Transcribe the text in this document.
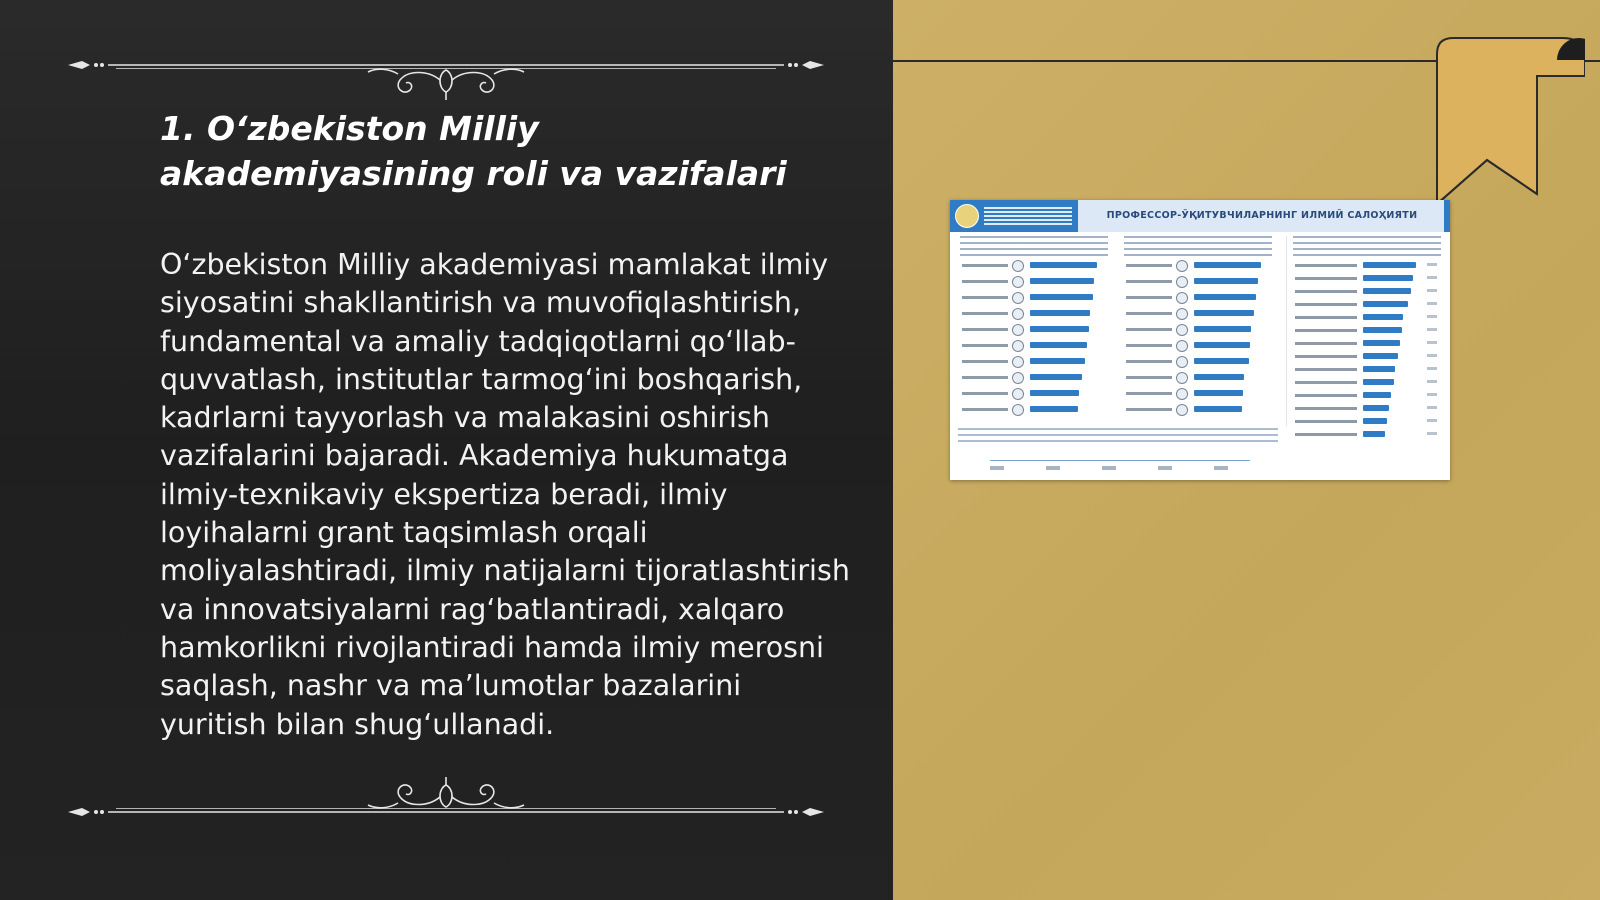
1. O‘zbekiston Milliy akademiyasining roli va vazifalari

O‘zbekiston Milliy akademiyasi mamlakat ilmiy siyosatini shakllantirish va muvofiqlashtirish, fundamental va amaliy tadqiqotlarni qo‘llab-quvvatlash, institutlar tarmog‘ini boshqarish, kadrlarni tayyorlash va malakasini oshirish vazifalarini bajaradi. Akademiya hukumatga ilmiy-texnikaviy ekspertiza beradi, ilmiy loyihalarni grant taqsimlash orqali moliyalashtiradi, ilmiy natijalarni tijoratlashtirish va innovatsiyalarni rag‘batlantiradi, xalqaro hamkorlikni rivojlantiradi hamda ilmiy merosni saqlash, nashr va ma’lumotlar bazalarini yuritish bilan shug‘ullanadi.

ПРОФЕССОР-ЎҚИТУВЧИЛАРНИНГ ИЛМИЙ САЛОҲИЯТИ
